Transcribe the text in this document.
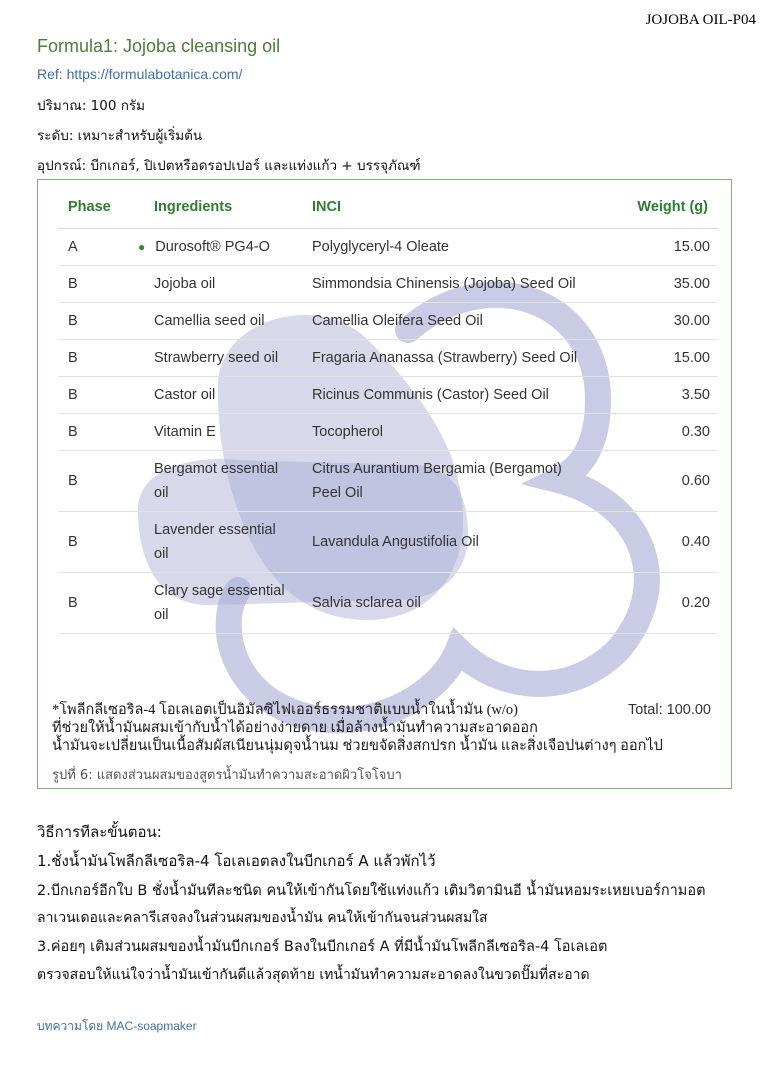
JOJOBA OIL-P04
Formula1: Jojoba cleansing oil
Ref: https://formulabotanica.com/
ปริมาณ: 100 กรัม
ระดับ: เหมาะสำหรับผู้เริ่มต้น
อุปกรณ์: บีกเกอร์, ปิเปตหรือดรอปเปอร์ และแท่งแก้ว + บรรจุภัณฑ์
Phase	Ingredients	INCI	Weight (g)
A	● Durosoft® PG4-O	Polyglyceryl-4 Oleate	15.00
B	Jojoba oil	Simmondsia Chinensis (Jojoba) Seed Oil	35.00
B	Camellia seed oil	Camellia Oleifera Seed Oil	30.00
B	Strawberry seed oil	Fragaria Ananassa (Strawberry) Seed Oil	15.00
B	Castor oil	Ricinus Communis (Castor) Seed Oil	3.50
B	Vitamin E	Tocopherol	0.30
B	Bergamot essential oil	Citrus Aurantium Bergamia (Bergamot) Peel Oil	0.60
B	Lavender essential oil	Lavandula Angustifolia Oil	0.40
B	Clary sage essential oil	Salvia sclarea oil	0.20
Total: 100.00
*โพลีกลีเซอริล-4 โอเลเอตเป็นอิมัลซิไฟเออร์ธรรมชาติแบบน้ำในน้ำมัน (w/o)
ที่ช่วยให้น้ำมันผสมเข้ากับน้ำได้อย่างง่ายดาย เมื่อล้างน้ำมันทำความสะอาดออก
น้ำมันจะเปลี่ยนเป็นเนื้อสัมผัสเนียนนุ่มดุจน้ำนม ช่วยขจัดสิ่งสกปรก น้ำมัน และสิ่งเจือปนต่างๆ ออกไป
รูปที่ 6: แสดงส่วนผสมของสูตรน้ำมันทำความสะอาดผิวโจโจบา
วิธีการทีละขั้นตอน:
1.ชั่งน้ำมันโพลีกลีเซอริล-4 โอเลเอตลงในบีกเกอร์ A แล้วพักไว้
2.บีกเกอร์อีกใบ B ชั่งน้ำมันทีละชนิด คนให้เข้ากันโดยใช้แท่งแก้ว เติมวิตามินอี น้ำมันหอมระเหยเบอร์กามอต
ลาเวนเดอและคลารีเสจลงในส่วนผสมของน้ำมัน คนให้เข้ากันจนส่วนผสมใส
3.ค่อยๆ เติมส่วนผสมของน้ำมันบีกเกอร์ Bลงในบีกเกอร์ A ที่มีน้ำมันโพลีกลีเซอริล-4 โอเลเอต
ตรวจสอบให้แน่ใจว่าน้ำมันเข้ากันดีแล้วสุดท้าย เทน้ำมันทำความสะอาดลงในขวดปั๊มที่สะอาด
บทความโดย MAC-soapmaker
